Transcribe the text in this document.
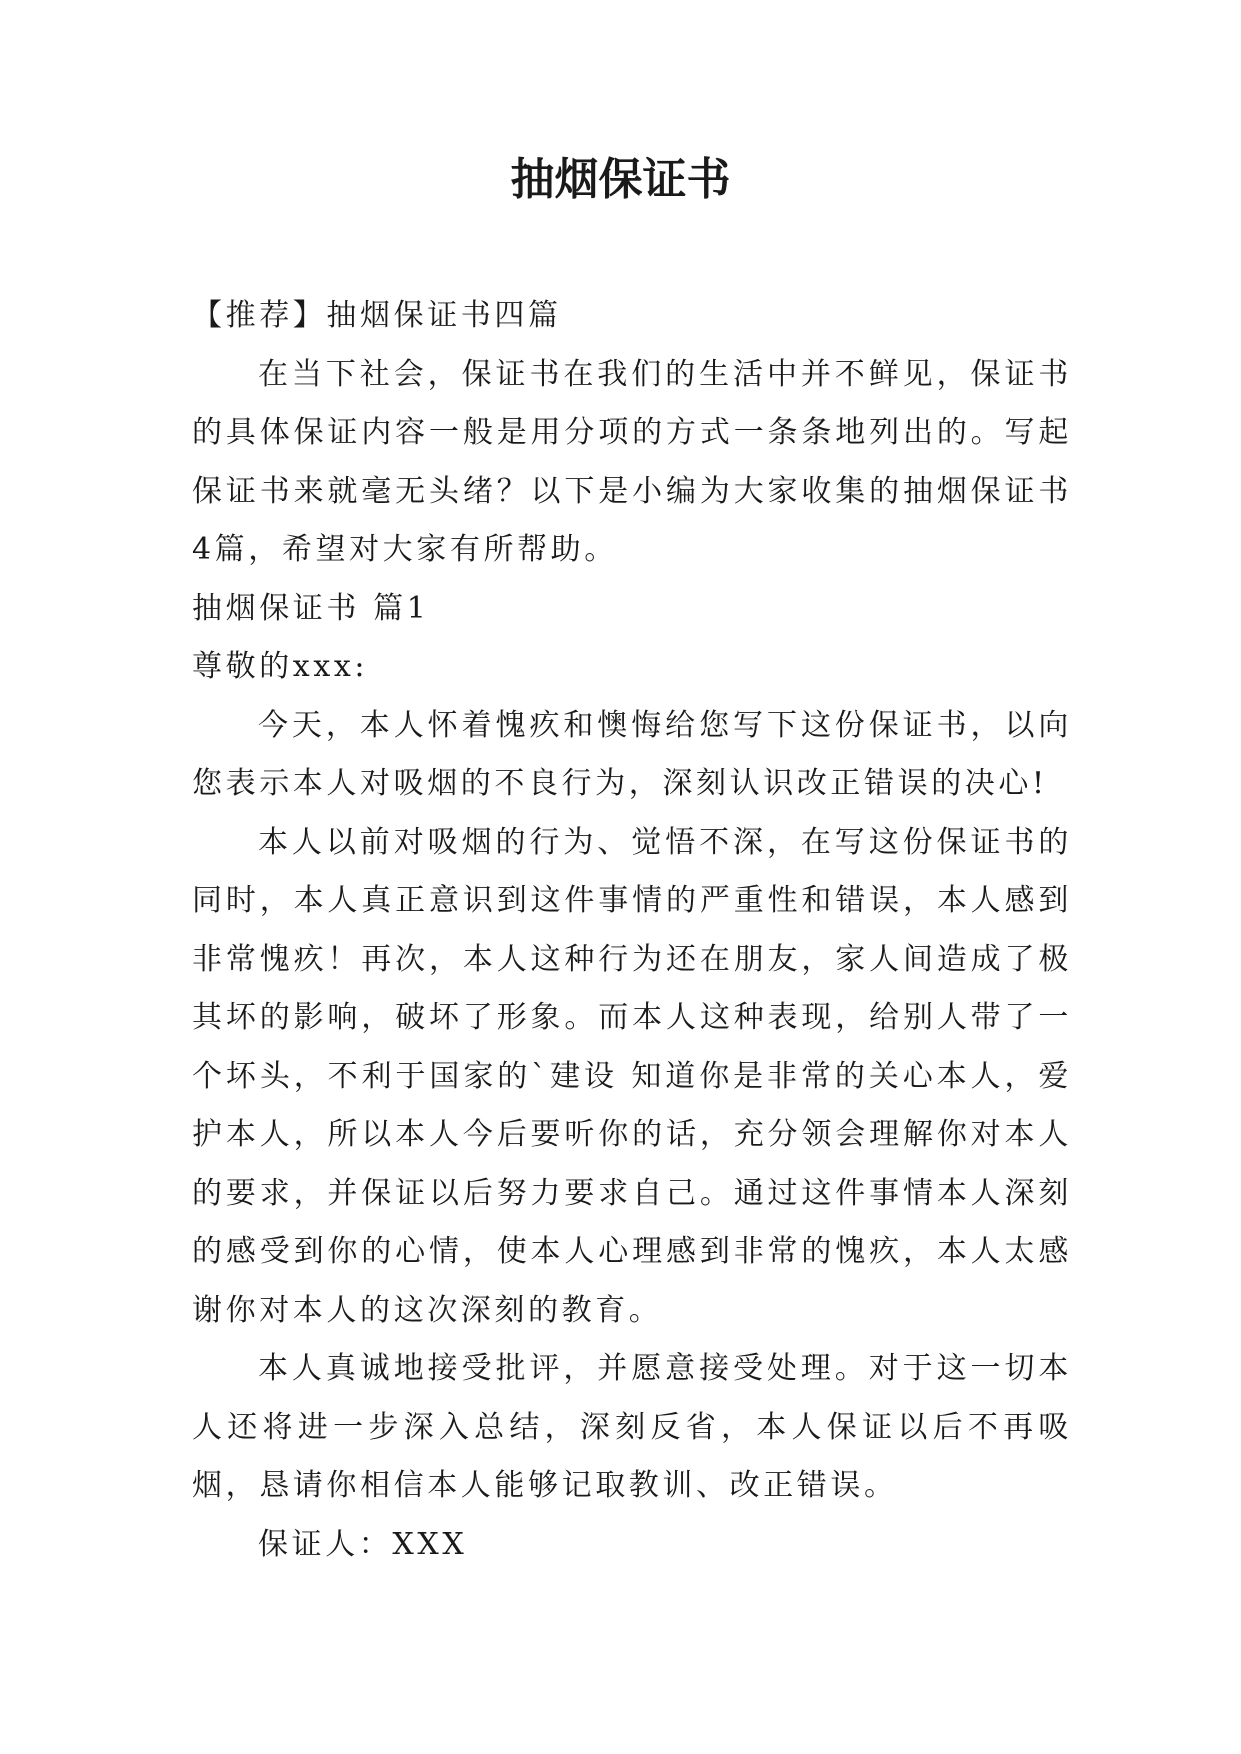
抽烟保证书

【推荐】抽烟保证书四篇

在当下社会，保证书在我们的生活中并不鲜见，保证书的具体保证内容一般是用分项的方式一条条地列出的。写起保证书来就毫无头绪？以下是小编为大家收集的抽烟保证书4篇，希望对大家有所帮助。

抽烟保证书 篇1

尊敬的xxx:

今天，本人怀着愧疚和懊悔给您写下这份保证书，以向您表示本人对吸烟的不良行为，深刻认识改正错误的决心!

本人以前对吸烟的行为、觉悟不深，在写这份保证书的同时，本人真正意识到这件事情的严重性和错误，本人感到非常愧疚！再次，本人这种行为还在朋友，家人间造成了极其坏的影响，破坏了形象。而本人这种表现，给别人带了一个坏头，不利于国家的`建设 知道你是非常的关心本人，爱护本人，所以本人今后要听你的话，充分领会理解你对本人的要求，并保证以后努力要求自己。通过这件事情本人深刻的感受到你的心情，使本人心理感到非常的愧疚，本人太感谢你对本人的这次深刻的教育。

本人真诚地接受批评，并愿意接受处理。对于这一切本人还将进一步深入总结，深刻反省，本人保证以后不再吸烟，恳请你相信本人能够记取教训、改正错误。

保证人：XXX
